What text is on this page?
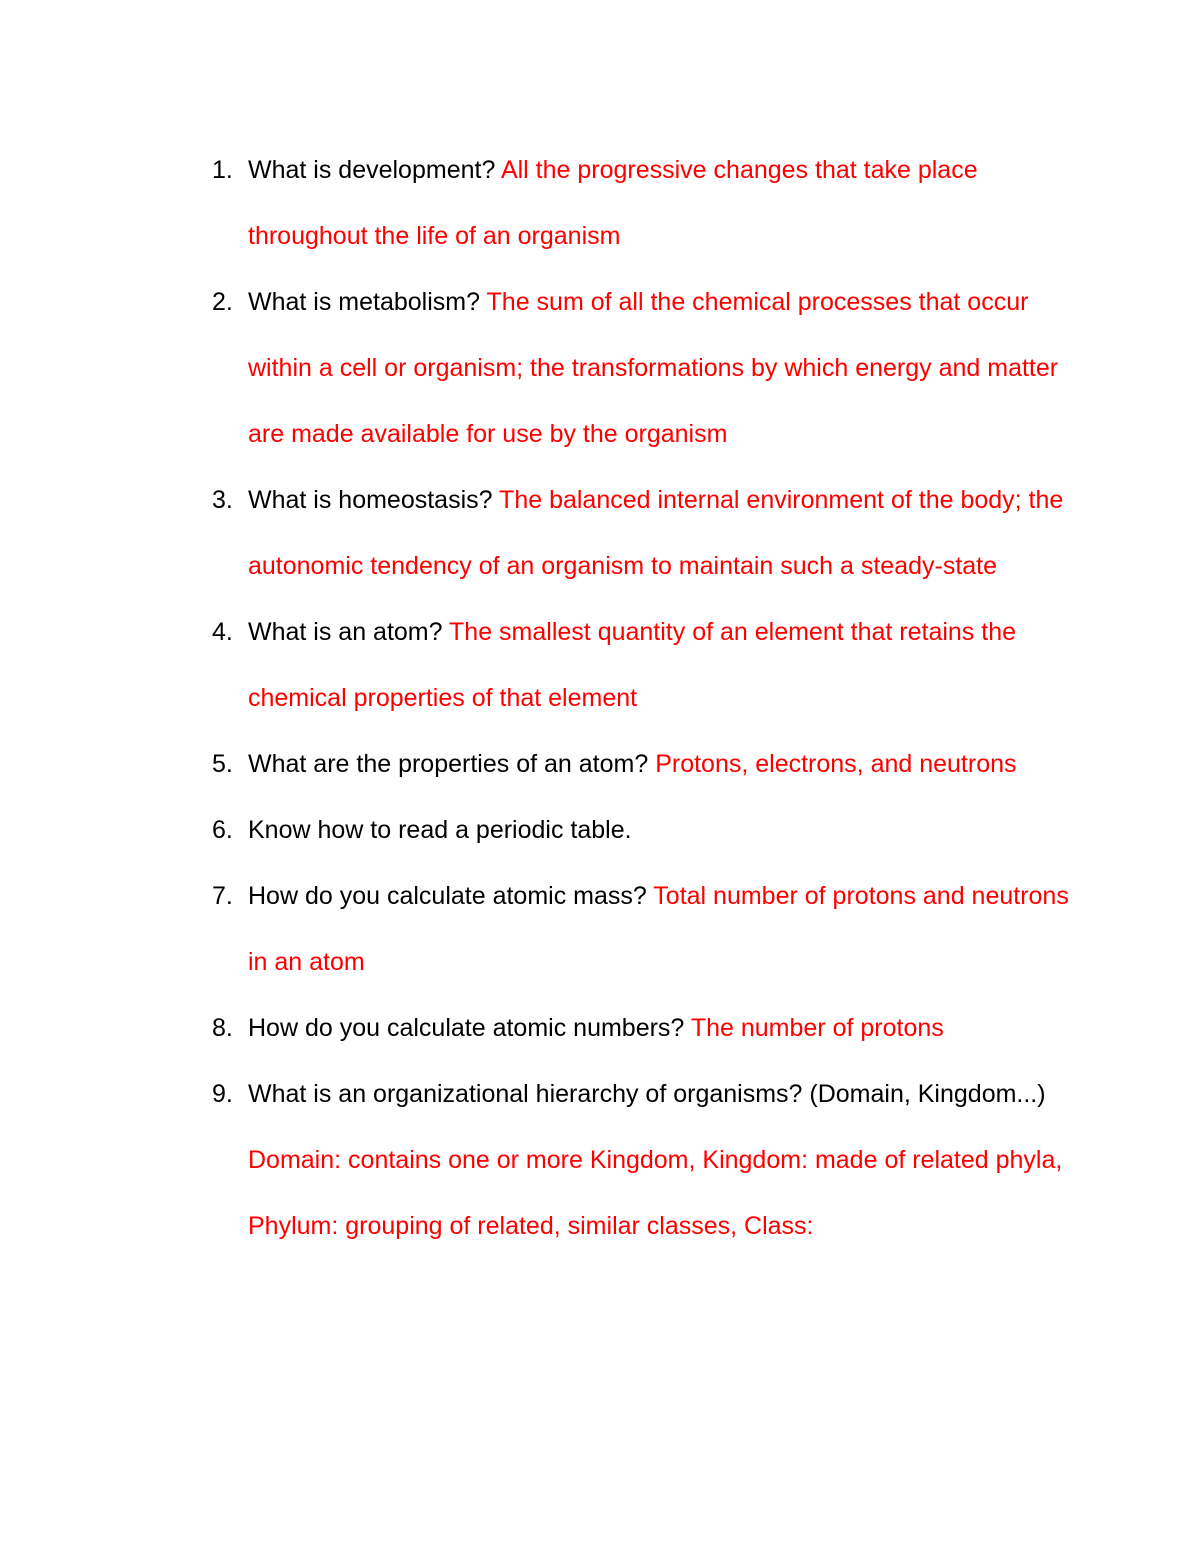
1. What is development? All the progressive changes that take place throughout the life of an organism
2. What is metabolism? The sum of all the chemical processes that occur within a cell or organism; the transformations by which energy and matter are made available for use by the organism
3. What is homeostasis? The balanced internal environment of the body; the autonomic tendency of an organism to maintain such a steady-state
4. What is an atom? The smallest quantity of an element that retains the chemical properties of that element
5. What are the properties of an atom? Protons, electrons, and neutrons
6. Know how to read a periodic table.
7. How do you calculate atomic mass? Total number of protons and neutrons in an atom
8. How do you calculate atomic numbers? The number of protons
9. What is an organizational hierarchy of organisms? (Domain, Kingdom...) Domain: contains one or more Kingdom, Kingdom: made of related phyla, Phylum: grouping of related, similar classes, Class:
